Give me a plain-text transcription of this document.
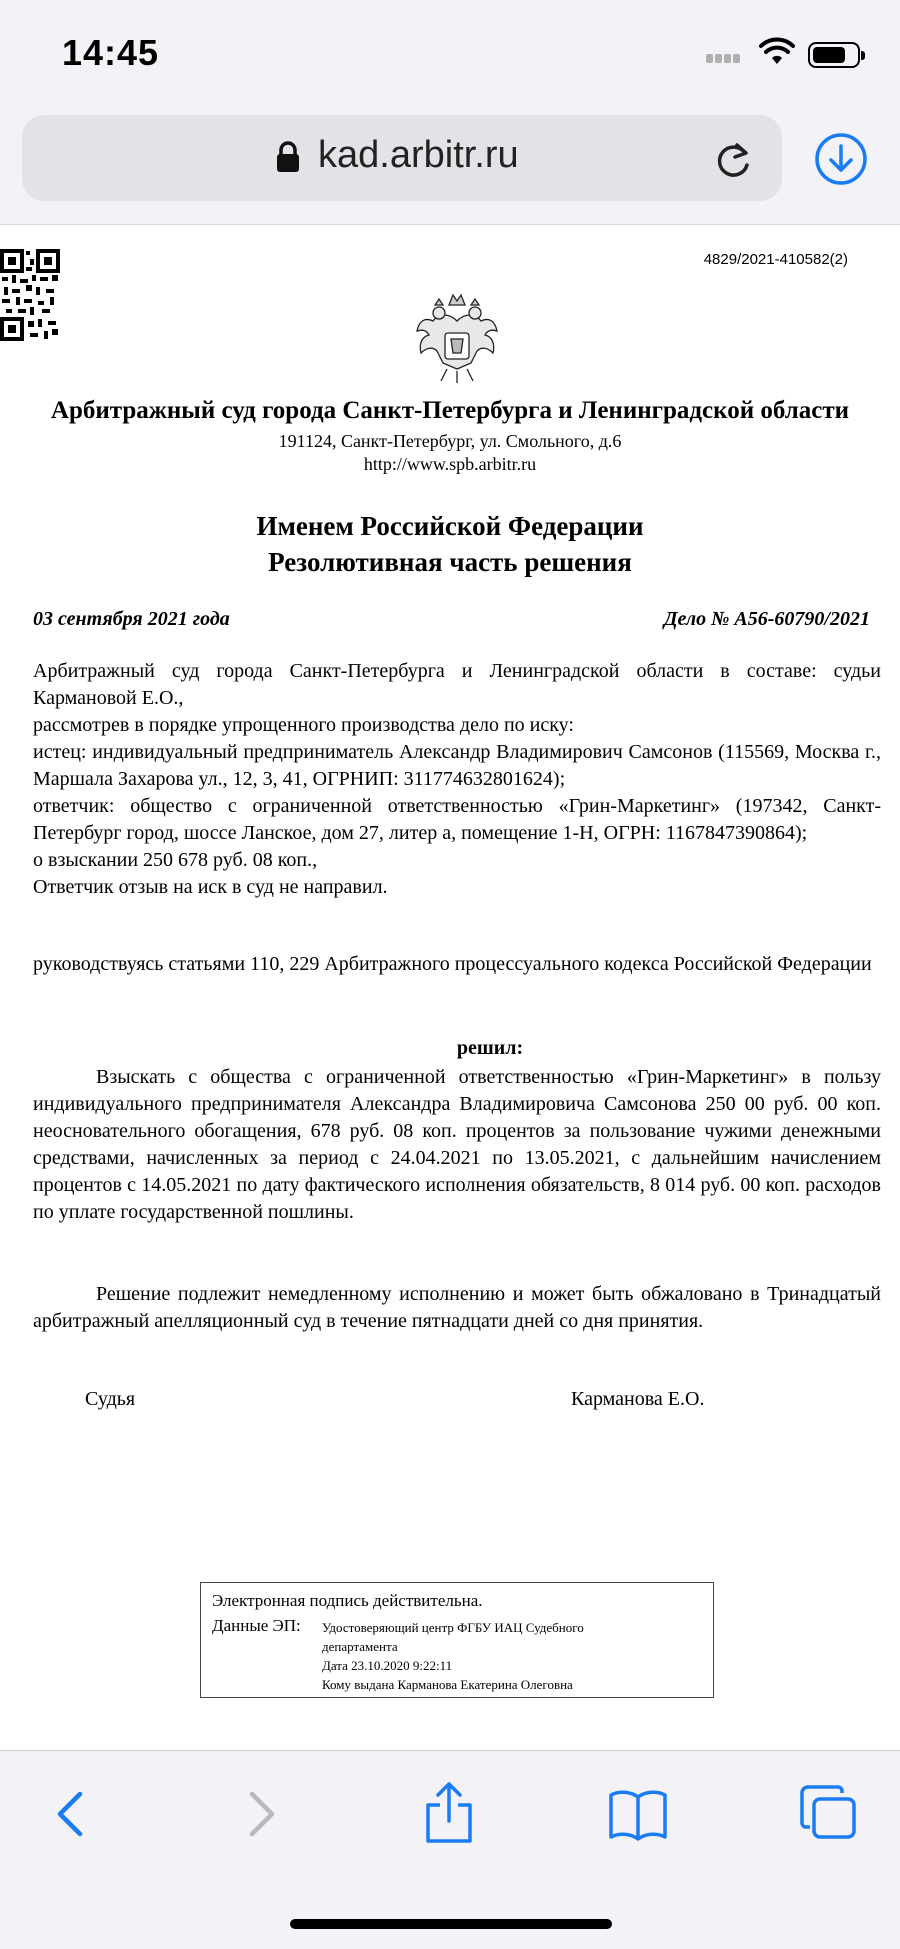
14:45
kad.arbitr.ru
4829/2021-410582(2)
Арбитражный суд города Санкт-Петербурга и Ленинградской области
191124, Санкт-Петербург, ул. Смольного, д.6
http://www.spb.arbitr.ru
Именем Российской Федерации
Резолютивная часть решения
03 сентября 2021 года	Дело № А56-60790/2021

Арбитражный суд города Санкт-Петербурга и Ленинградской области в составе: судьи Кармановой Е.О.,

рассмотрев в порядке упрощенного производства дело по иску:

истец: индивидуальный предприниматель Александр Владимирович Самсонов (115569, Москва г., Маршала Захарова ул., 12, 3, 41, ОГРНИП: 311774632801624);

ответчик: общество с ограниченной ответственностью «Грин-Маркетинг» (197342, Санкт-Петербург город, шоссе Ланское, дом 27, литер а, помещение 1-Н, ОГРН: 1167847390864);

о взыскании 250 678 руб. 08 коп.,

Ответчик отзыв на иск в суд не направил.

руководствуясь статьями 110, 229 Арбитражного процессуального кодекса Российской Федерации

решил:

Взыскать с общества с ограниченной ответственностью «Грин-Маркетинг» в пользу индивидуального предпринимателя Александра Владимировича Самсонова 250 00 руб. 00 коп. неосновательного обогащения, 678 руб. 08 коп. процентов за пользование чужими денежными средствами, начисленных за период с 24.04.2021 по 13.05.2021, с дальнейшим начислением процентов с 14.05.2021 по дату фактического исполнения обязательств, 8 014 руб. 00 коп. расходов по уплате государственной пошлины.

Решение подлежит немедленному исполнению и может быть обжаловано в Тринадцатый арбитражный апелляционный суд в течение пятнадцати дней со дня принятия.

Судья	Карманова Е.О.
Электронная подпись действительна.
Данные ЭП: Удостоверяющий центр ФГБУ ИАЦ Судебного
департамента
Дата 23.10.2020 9:22:11
Кому выдана Карманова Екатерина Олеговна
